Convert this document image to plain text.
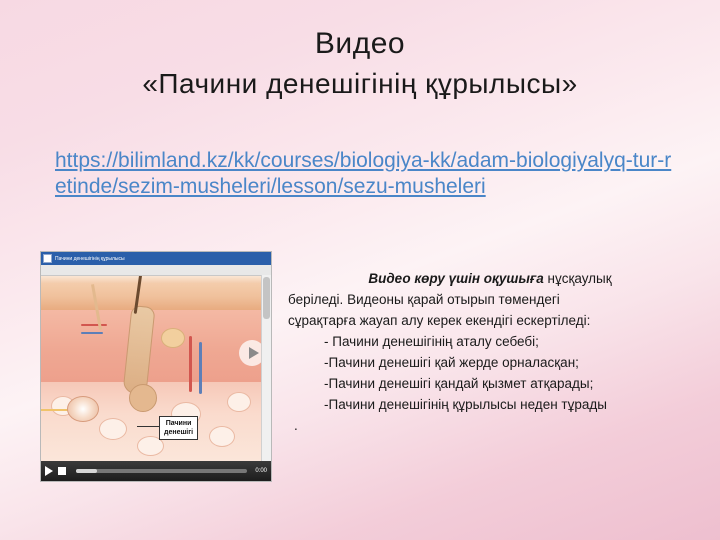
Видео
«Пачини денешігінің құрылысы»
https://bilimland.kz/kk/courses/biologiya-kk/adam-biologiyalyq-tur-retinde/sezim-musheleri/lesson/sezu-musheleri
Пачини денешігінің құрылысы
Пачини
денешігі
0:00

Видео көру үшін оқушыға нұсқаулық

беріледі. Видеоны қарай отырып төмендегі

сұрақтарға жауап алу керек екендігі ескертіледі:

- Пачини денешігінің аталу себебі;

-Пачини денешігі қай жерде орналасқан;

-Пачини денешігі қандай қызмет атқарады;

-Пачини денешігінің құрылысы неден тұрады

.
